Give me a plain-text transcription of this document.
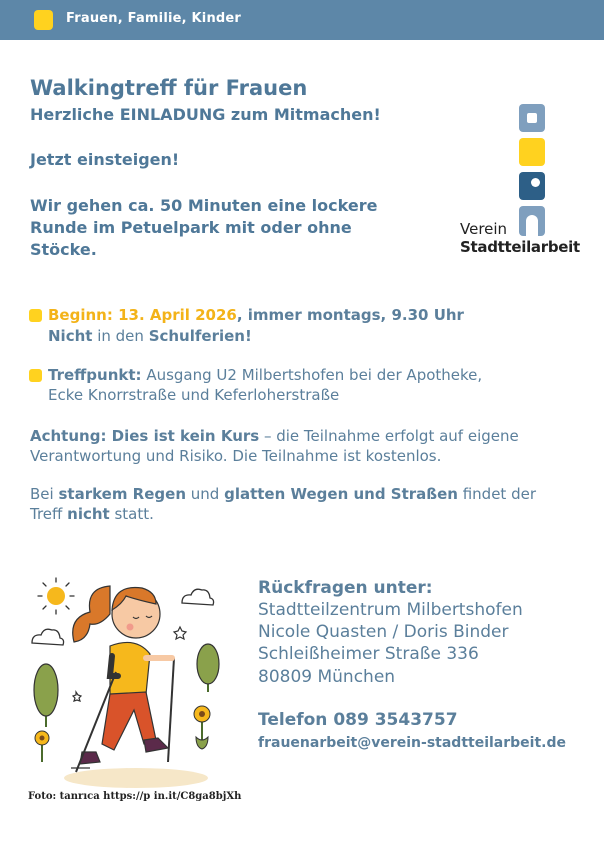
Frauen, Familie, Kinder
Walkingtreff für Frauen
Herzliche EINLADUNG zum Mitmachen!
Jetzt einsteigen!
Wir gehen ca. 50 Minuten eine lockere
Runde im Petuelpark mit oder ohne
Stöcke.
Verein
Stadtteilarbeit
Beginn: 13. April 2026, immer montags, 9.30 Uhr
Nicht in den Schulferien!
Treffpunkt: Ausgang U2 Milbertshofen bei der Apotheke,
Ecke Knorrstraße und Keferloherstraße
Achtung: Dies ist kein Kurs – die Teilnahme erfolgt auf eigene
Verantwortung und Risiko. Die Teilnahme ist kostenlos.
Bei starkem Regen und glatten Wegen und Straßen findet der
Treff nicht statt.
Foto: tanrıca https://p in.it/C8ga8bjXh
Rückfragen unter:
Stadtteilzentrum Milbertshofen
Nicole Quasten / Doris Binder
Schleißheimer Straße 336
80809 München
Telefon 089 3543757
frauenarbeit@verein-stadtteilarbeit.de
